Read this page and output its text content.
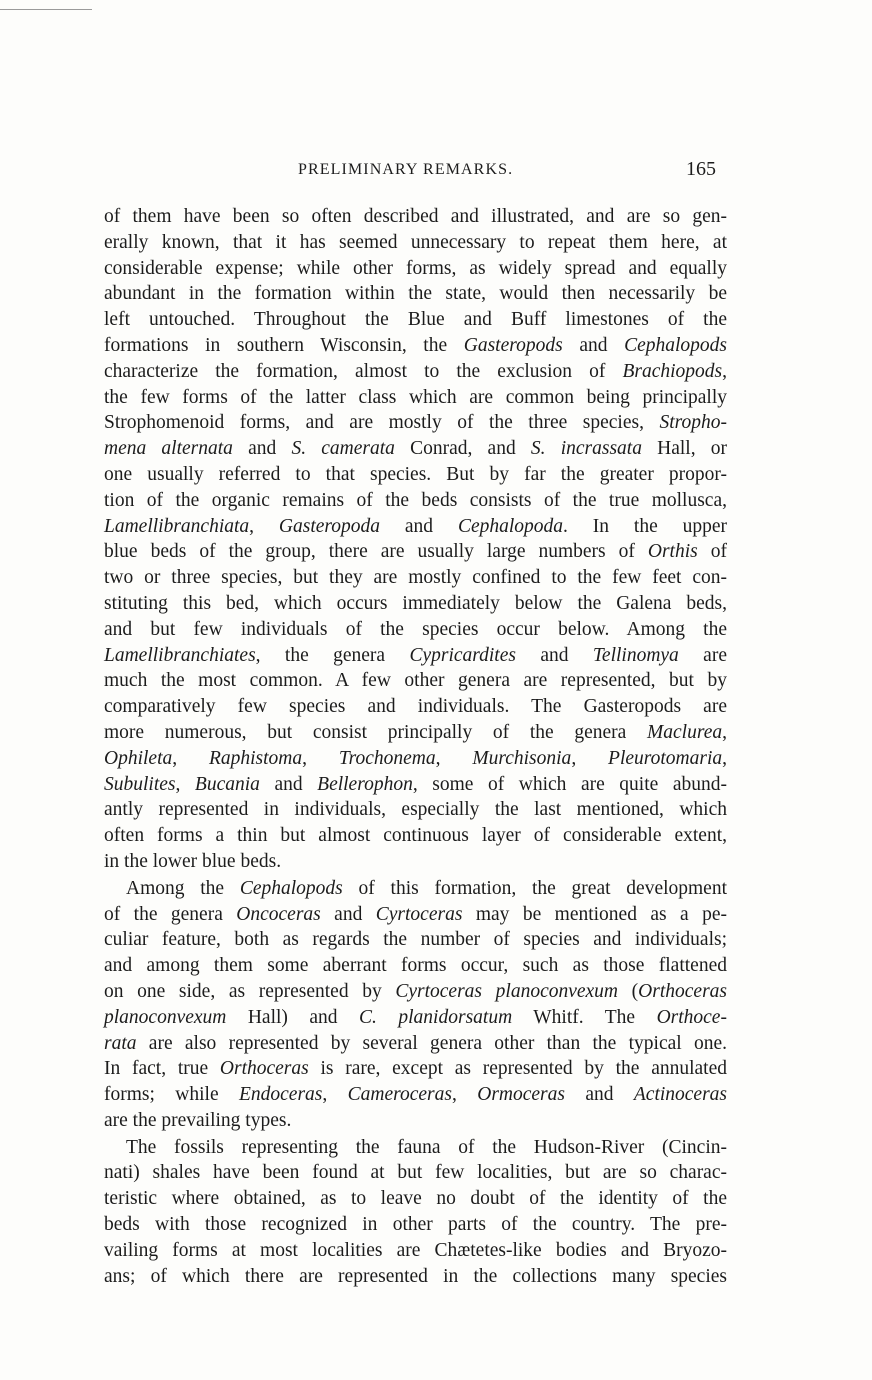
PRELIMINARY REMARKS.	165
of them have been so often described and illustrated, and are so gen-
erally known, that it has seemed unnecessary to repeat them here, at
considerable expense; while other forms, as widely spread and equally
abundant in the formation within the state, would then necessarily be
left untouched. Throughout the Blue and Buff limestones of the
formations in southern Wisconsin, the Gasteropods and Cephalopods
characterize the formation, almost to the exclusion of Brachiopods,
the few forms of the latter class which are common being principally
Strophomenoid forms, and are mostly of the three species, Stropho-
mena alternata and S. camerata Conrad, and S. incrassata Hall, or
one usually referred to that species. But by far the greater propor-
tion of the organic remains of the beds consists of the true mollusca,
Lamellibranchiata, Gasteropoda and Cephalopoda. In the upper
blue beds of the group, there are usually large numbers of Orthis of
two or three species, but they are mostly confined to the few feet con-
stituting this bed, which occurs immediately below the Galena beds,
and but few individuals of the species occur below. Among the
Lamellibranchiates, the genera Cypricardites and Tellinomya are
much the most common. A few other genera are represented, but by
comparatively few species and individuals. The Gasteropods are
more numerous, but consist principally of the genera Maclurea,
Ophileta, Raphistoma, Trochonema, Murchisonia, Pleurotomaria,
Subulites, Bucania and Bellerophon, some of which are quite abund-
antly represented in individuals, especially the last mentioned, which
often forms a thin but almost continuous layer of considerable extent,
in the lower blue beds.
Among the Cephalopods of this formation, the great development
of the genera Oncoceras and Cyrtoceras may be mentioned as a pe-
culiar feature, both as regards the number of species and individuals;
and among them some aberrant forms occur, such as those flattened
on one side, as represented by Cyrtoceras planoconvexum (Orthoceras
planoconvexum Hall) and C. planidorsatum Whitf. The Orthoce-
rata are also represented by several genera other than the typical one.
In fact, true Orthoceras is rare, except as represented by the annulated
forms; while Endoceras, Cameroceras, Ormoceras and Actinoceras
are the prevailing types.
The fossils representing the fauna of the Hudson-River (Cincin-
nati) shales have been found at but few localities, but are so charac-
teristic where obtained, as to leave no doubt of the identity of the
beds with those recognized in other parts of the country. The pre-
vailing forms at most localities are Chætetes-like bodies and Bryozo-
ans; of which there are represented in the collections many species
